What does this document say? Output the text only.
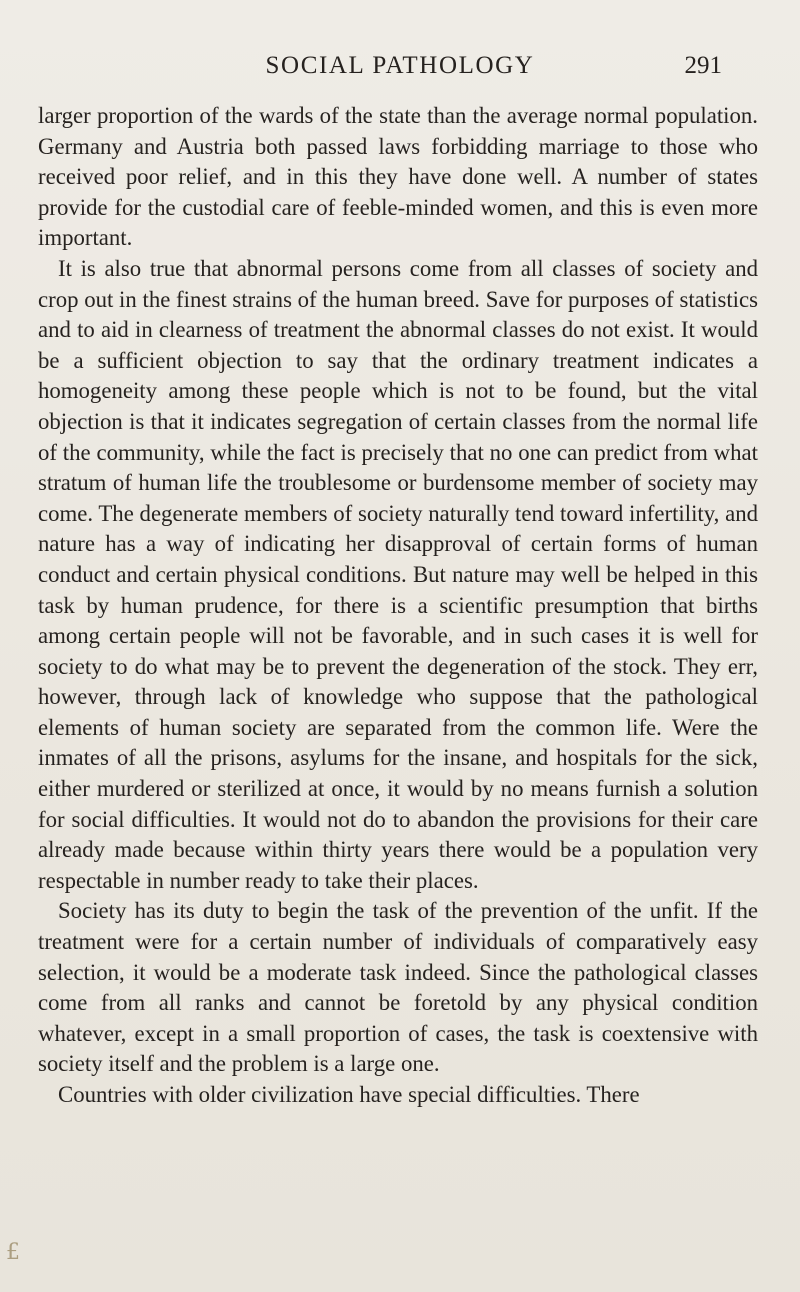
SOCIAL PATHOLOGY	291

larger proportion of the wards of the state than the average normal population. Germany and Austria both passed laws forbidding marriage to those who received poor relief, and in this they have done well. A number of states provide for the custodial care of feeble-minded women, and this is even more important.

It is also true that abnormal persons come from all classes of society and crop out in the finest strains of the human breed. Save for purposes of statistics and to aid in clearness of treatment the abnormal classes do not exist. It would be a sufficient objection to say that the ordinary treatment indicates a homogeneity among these people which is not to be found, but the vital objection is that it indicates segregation of certain classes from the normal life of the community, while the fact is precisely that no one can predict from what stratum of human life the troublesome or burdensome member of society may come. The degenerate members of society naturally tend toward infertility, and nature has a way of indicating her disapproval of certain forms of human conduct and certain physical conditions. But nature may well be helped in this task by human prudence, for there is a scientific presumption that births among certain people will not be favorable, and in such cases it is well for society to do what may be to prevent the degeneration of the stock. They err, however, through lack of knowledge who suppose that the pathological elements of human society are separated from the common life. Were the inmates of all the prisons, asylums for the insane, and hospitals for the sick, either murdered or sterilized at once, it would by no means furnish a solution for social difficulties. It would not do to abandon the provisions for their care already made because within thirty years there would be a population very respectable in number ready to take their places.

Society has its duty to begin the task of the prevention of the unfit. If the treatment were for a certain number of individuals of comparatively easy selection, it would be a moderate task indeed. Since the pathological classes come from all ranks and cannot be foretold by any physical condition whatever, except in a small proportion of cases, the task is coextensive with society itself and the problem is a large one.

Countries with older civilization have special difficulties. There

£
